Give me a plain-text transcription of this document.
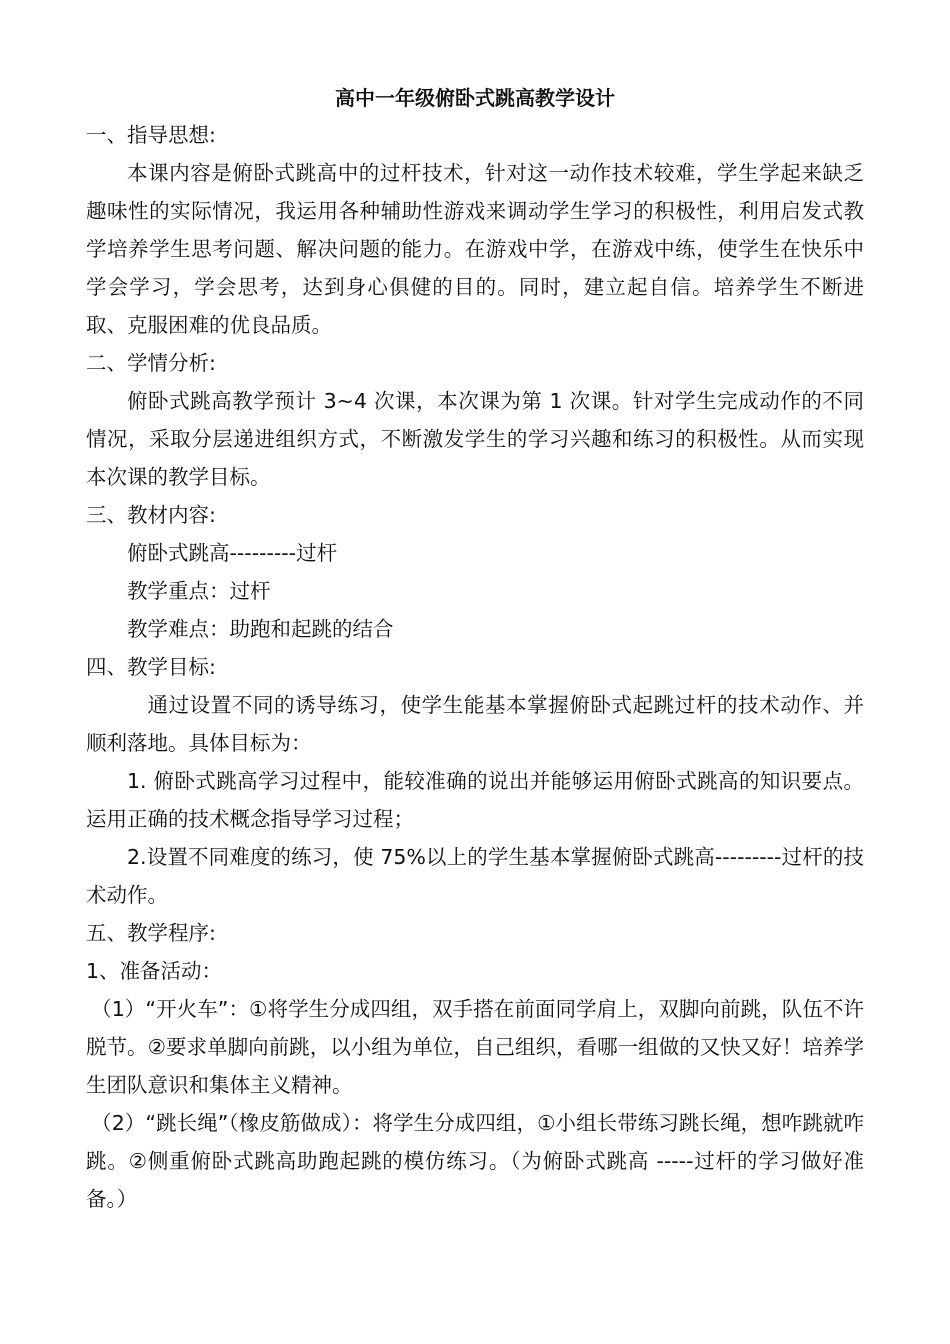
高中一年级俯卧式跳高教学设计
一、指导思想:
本课内容是俯卧式跳高中的过杆技术，针对这一动作技术较难，学生学起来缺乏趣味性的实际情况，我运用各种辅助性游戏来调动学生学习的积极性，利用启发式教学培养学生思考问题、解决问题的能力。在游戏中学，在游戏中练，使学生在快乐中学会学习，学会思考，达到身心俱健的目的。同时，建立起自信。培养学生不断进取、克服困难的优良品质。
二、学情分析:
俯卧式跳高教学预计 3~4 次课，本次课为第 1 次课。针对学生完成动作的不同情况，采取分层递进组织方式，不断激发学生的学习兴趣和练习的积极性。从而实现本次课的教学目标。
三、教材内容:
俯卧式跳高---------过杆
教学重点：过杆
教学难点：助跑和起跳的结合
四、教学目标:
通过设置不同的诱导练习，使学生能基本掌握俯卧式起跳过杆的技术动作、并顺利落地。具体目标为：
1. 俯卧式跳高学习过程中，能较准确的说出并能够运用俯卧式跳高的知识要点。运用正确的技术概念指导学习过程；
2.设置不同难度的练习，使 75%以上的学生基本掌握俯卧式跳高---------过杆的技术动作。
五、教学程序:
1、准备活动：
（1）“开火车”：①将学生分成四组，双手搭在前面同学肩上，双脚向前跳，队伍不许脱节。②要求单脚向前跳，以小组为单位，自己组织，看哪一组做的又快又好！培养学生团队意识和集体主义精神。
（2）“跳长绳”（橡皮筋做成）：将学生分成四组，①小组长带练习跳长绳，想咋跳就咋跳。②侧重俯卧式跳高助跑起跳的模仿练习。（为俯卧式跳高 -----过杆的学习做好准备。）
